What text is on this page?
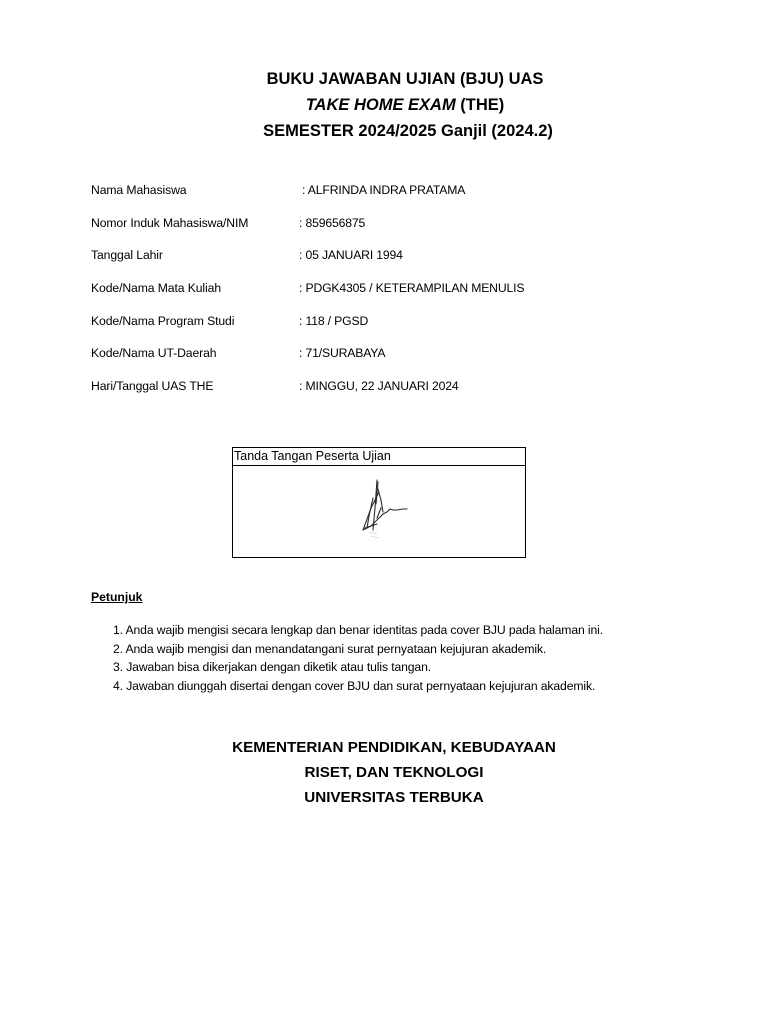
BUKU JAWABAN UJIAN (BJU) UAS
TAKE HOME EXAM (THE)
SEMESTER 2024/2025 Ganjil (2024.2)
Nama Mahasiswa	: ALFRINDA INDRA PRATAMA
Nomor Induk Mahasiswa/NIM	: 859656875
Tanggal Lahir	: 05 JANUARI 1994
Kode/Nama Mata Kuliah	: PDGK4305 / KETERAMPILAN MENULIS
Kode/Nama Program Studi	: 118 / PGSD
Kode/Nama UT-Daerah	: 71/SURABAYA
Hari/Tanggal UAS THE	: MINGGU, 22 JANUARI 2024
Tanda Tangan Peserta Ujian
Petunjuk
1. Anda wajib mengisi secara lengkap dan benar identitas pada cover BJU pada halaman ini.
2. Anda wajib mengisi dan menandatangani surat pernyataan kejujuran akademik.
3. Jawaban bisa dikerjakan dengan diketik atau tulis tangan.
4. Jawaban diunggah disertai dengan cover BJU dan surat pernyataan kejujuran akademik.
KEMENTERIAN PENDIDIKAN, KEBUDAYAAN
RISET, DAN TEKNOLOGI
UNIVERSITAS TERBUKA
